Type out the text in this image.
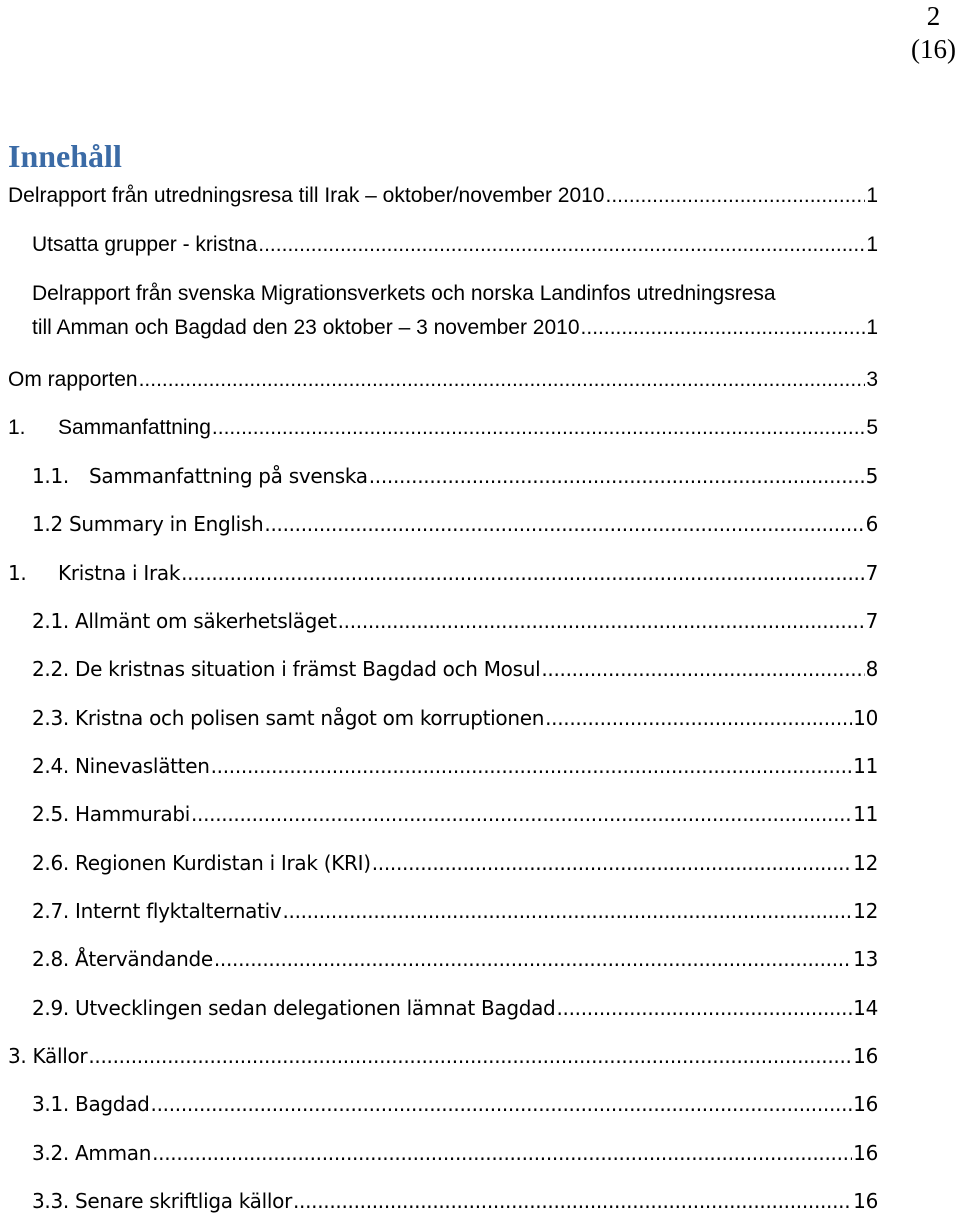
2
(16)
Innehåll
Delrapport från utredningsresa till Irak – oktober/november 2010 .....	1
Utsatta grupper - kristna .....	1
Delrapport från svenska Migrationsverkets och norska Landinfos utredningsresa
till Amman och Bagdad den 23 oktober – 3 november 2010 .....	1
Om rapporten .....	3
1. Sammanfattning .....	5
1.1. Sammanfattning på svenska .....	5
1.2 Summary in English .....	6
1. Kristna i Irak .....	7
2.1. Allmänt om säkerhetsläget .....	7
2.2. De kristnas situation i främst Bagdad och Mosul .....	8
2.3. Kristna och polisen samt något om korruptionen .....	10
2.4. Ninevaslätten .....	11
2.5. Hammurabi .....	11
2.6. Regionen Kurdistan i Irak (KRI) .....	12
2.7. Internt flyktalternativ .....	12
2.8. Återvändande .....	13
2.9. Utvecklingen sedan delegationen lämnat Bagdad .....	14
3. Källor .....	16
3.1. Bagdad .....	16
3.2. Amman .....	16
3.3. Senare skriftliga källor .....	16
